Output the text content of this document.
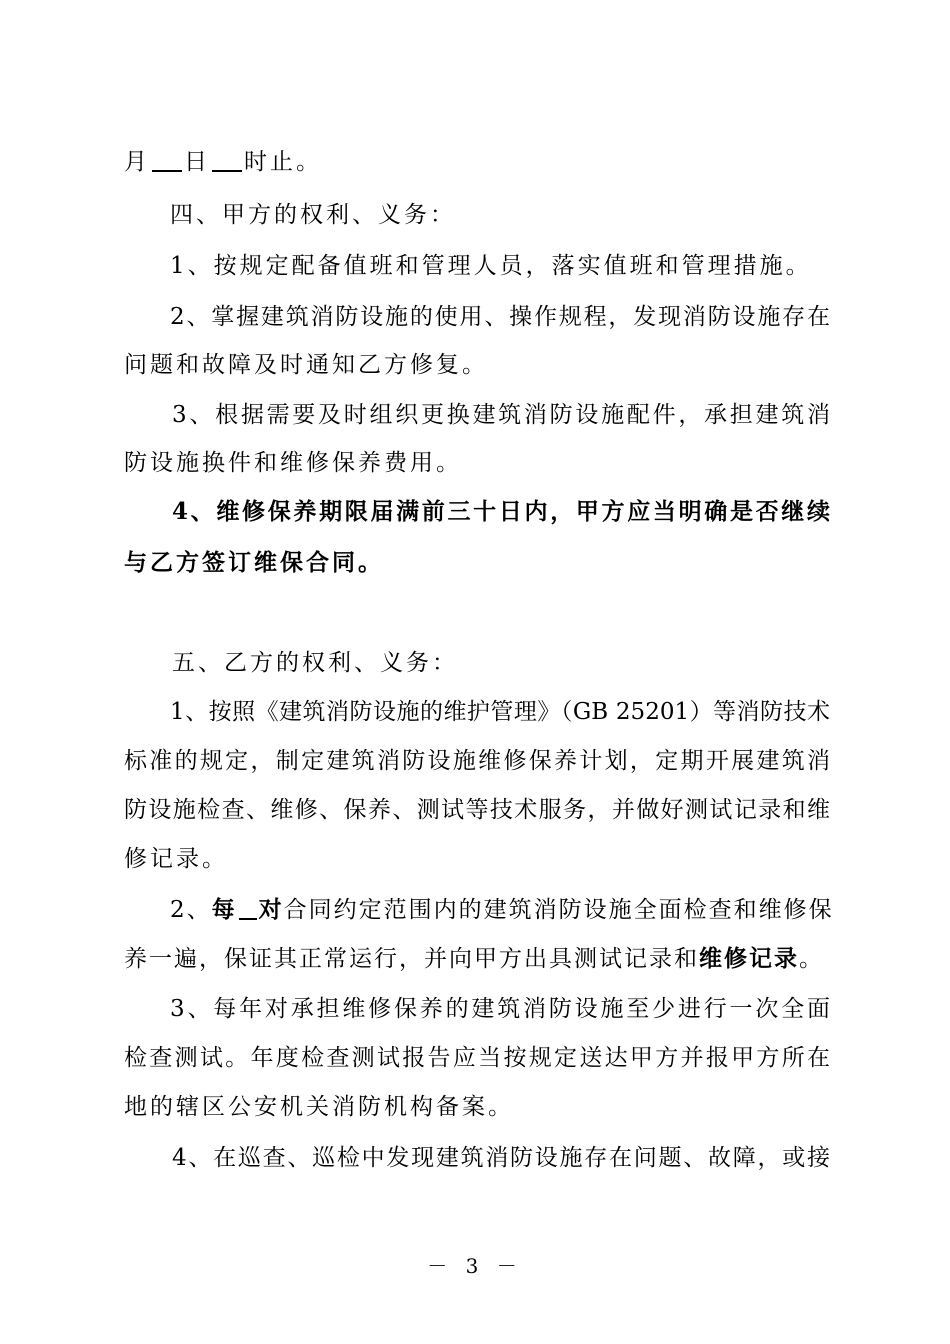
月 日 时止。
四、甲方的权利、义务：
1、按规定配备值班和管理人员，落实值班和管理措施。
2、掌握建筑消防设施的使用、操作规程，发现消防设施存在
问题和故障及时通知乙方修复。
3、根据需要及时组织更换建筑消防设施配件，承担建筑消
防设施换件和维修保养费用。
4、维修保养期限届满前三十日内，甲方应当明确是否继续
与乙方签订维保合同。
五、乙方的权利、义务：
1、按照《建筑消防设施的维护管理》（GB 25201）等消防技术
标准的规定，制定建筑消防设施维修保养计划，定期开展建筑消
防设施检查、维修、保养、测试等技术服务，并做好测试记录和维
修记录。
2、每 对合同约定范围内的建筑消防设施全面检查和维修保
养一遍，保证其正常运行，并向甲方出具测试记录和维修记录。
3、每年对承担维修保养的建筑消防设施至少进行一次全面
检查测试。年度检查测试报告应当按规定送达甲方并报甲方所在
地的辖区公安机关消防机构备案。
4、在巡查、巡检中发现建筑消防设施存在问题、故障，或接
－ 3 －
